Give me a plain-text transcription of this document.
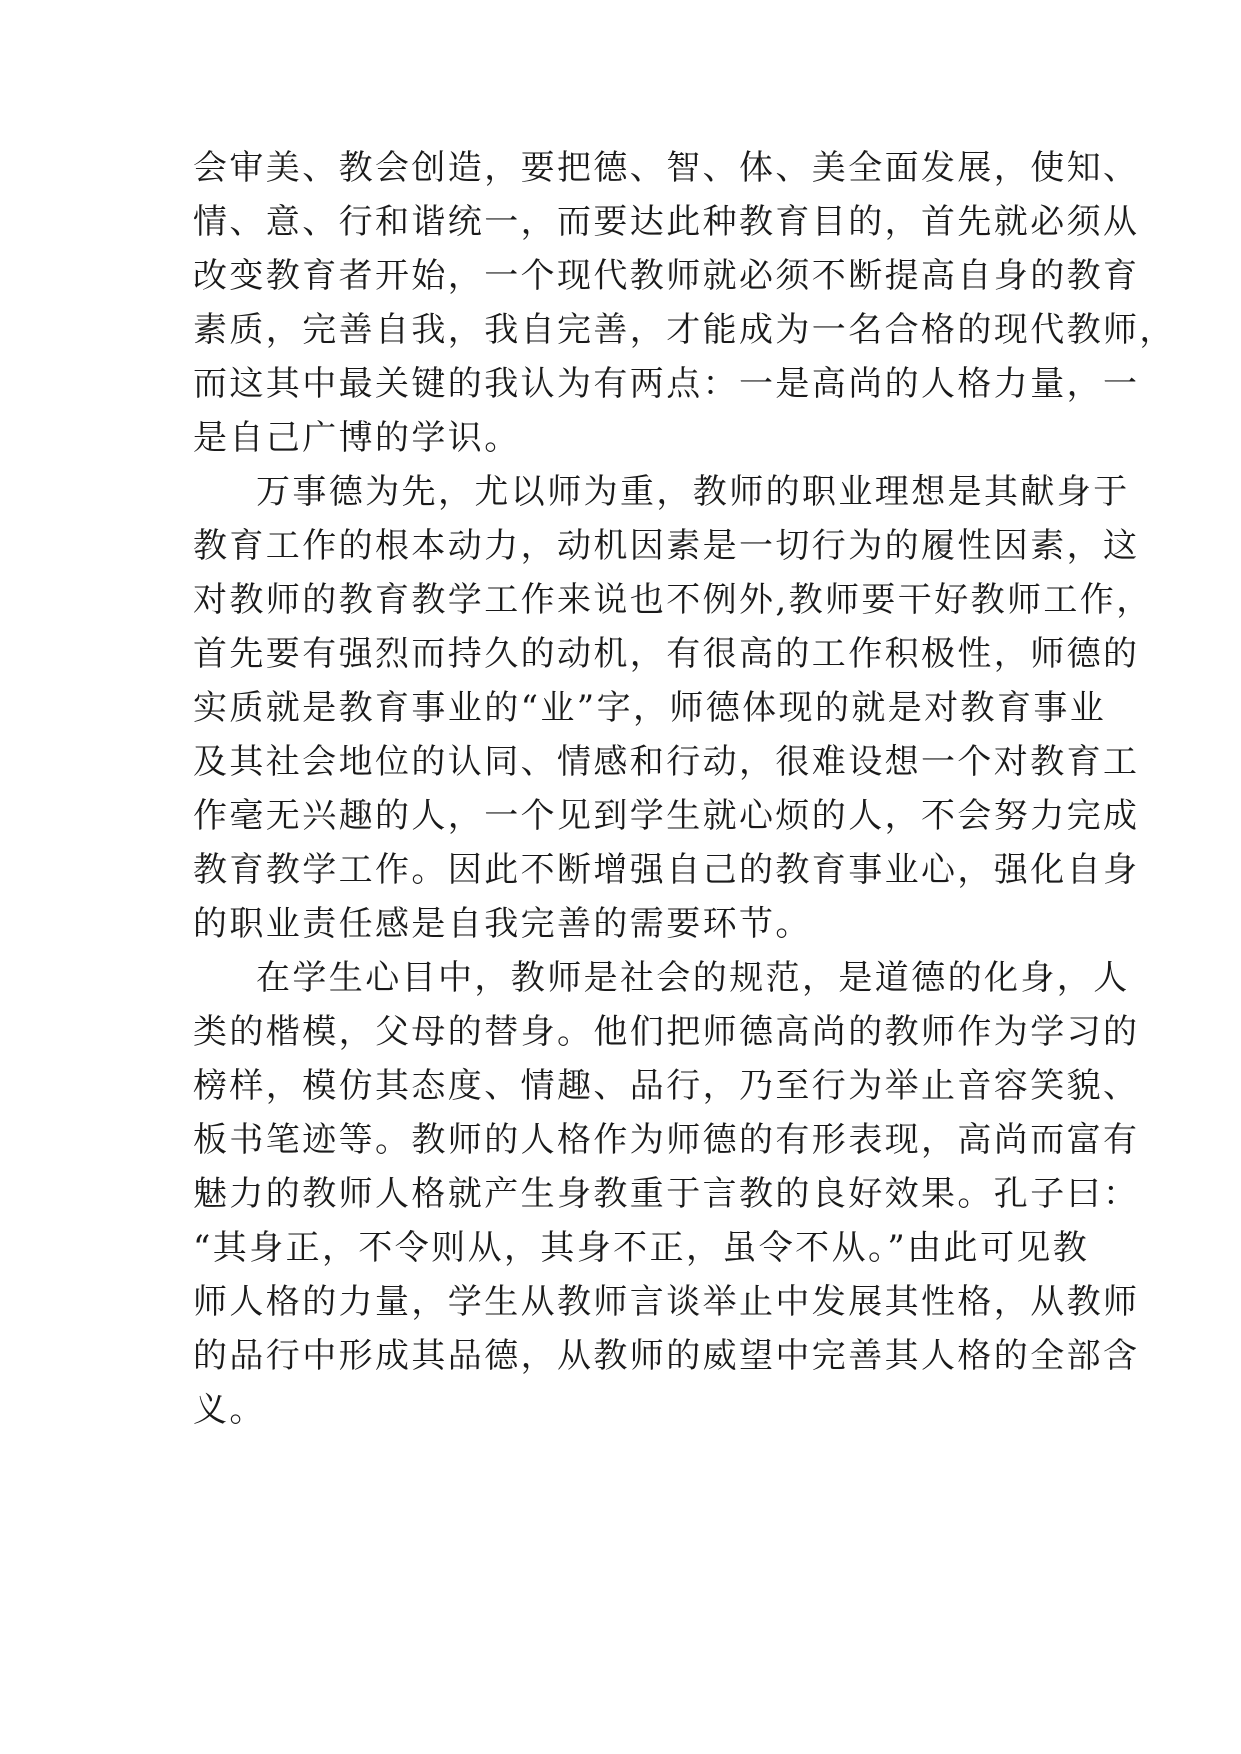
会审美、教会创造，要把德、智、体、美全面发展，使知、
情、意、行和谐统一，而要达此种教育目的，首先就必须从
改变教育者开始，一个现代教师就必须不断提高自身的教育
素质，完善自我，我自完善，才能成为一名合格的现代教师，
而这其中最关键的我认为有两点：一是高尚的人格力量，一
是自己广博的学识。
万事德为先，尤以师为重，教师的职业理想是其献身于
教育工作的根本动力，动机因素是一切行为的履性因素，这
对教师的教育教学工作来说也不例外,教师要干好教师工作，
首先要有强烈而持久的动机，有很高的工作积极性，师德的
实质就是教育事业的“业”字，师德体现的就是对教育事业
及其社会地位的认同、情感和行动，很难设想一个对教育工
作毫无兴趣的人，一个见到学生就心烦的人，不会努力完成
教育教学工作。因此不断增强自己的教育事业心，强化自身
的职业责任感是自我完善的需要环节。
在学生心目中，教师是社会的规范，是道德的化身，人
类的楷模，父母的替身。他们把师德高尚的教师作为学习的
榜样，模仿其态度、情趣、品行，乃至行为举止音容笑貌、
板书笔迹等。教师的人格作为师德的有形表现，高尚而富有
魅力的教师人格就产生身教重于言教的良好效果。孔子曰：
“其身正，不令则从，其身不正，虽令不从。”由此可见教
师人格的力量，学生从教师言谈举止中发展其性格，从教师
的品行中形成其品德，从教师的威望中完善其人格的全部含
义。
